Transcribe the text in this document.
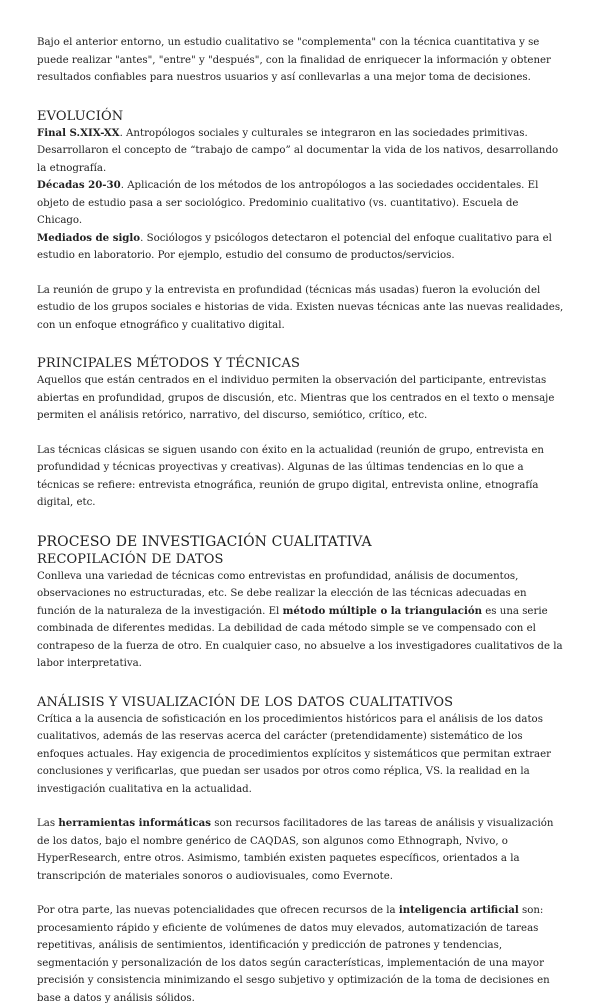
Bajo el anterior entorno, un estudio cualitativo se "complementa" con la técnica cuantitativa y se puede realizar "antes", "entre" y "después", con la finalidad de enriquecer la información y obtener resultados confiables para nuestros usuarios y así conllevarlas a una mejor toma de decisiones.

EVOLUCIÓN

Final S.XIX-XX. Antropólogos sociales y culturales se integraron en las sociedades primitivas. Desarrollaron el concepto de “trabajo de campo” al documentar la vida de los nativos, desarrollando la etnografía.

Décadas 20-30. Aplicación de los métodos de los antropólogos a las sociedades occidentales. El objeto de estudio pasa a ser sociológico. Predominio cualitativo (vs. cuantitativo). Escuela de Chicago.

Mediados de siglo. Sociólogos y psicólogos detectaron el potencial del enfoque cualitativo para el estudio en laboratorio. Por ejemplo, estudio del consumo de productos/servicios.

La reunión de grupo y la entrevista en profundidad (técnicas más usadas) fueron la evolución del estudio de los grupos sociales e historias de vida. Existen nuevas técnicas ante las nuevas realidades, con un enfoque etnográfico y cualitativo digital.

PRINCIPALES MÉTODOS Y TÉCNICAS

Aquellos que están centrados en el individuo permiten la observación del participante, entrevistas abiertas en profundidad, grupos de discusión, etc. Mientras que los centrados en el texto o mensaje permiten el análisis retórico, narrativo, del discurso, semiótico, crítico, etc.

Las técnicas clásicas se siguen usando con éxito en la actualidad (reunión de grupo, entrevista en profundidad y técnicas proyectivas y creativas). Algunas de las últimas tendencias en lo que a técnicas se refiere: entrevista etnográfica, reunión de grupo digital, entrevista online, etnografía digital, etc.

PROCESO DE INVESTIGACIÓN CUALITATIVA
RECOPILACIÓN DE DATOS

Conlleva una variedad de técnicas como entrevistas en profundidad, análisis de documentos, observaciones no estructuradas, etc. Se debe realizar la elección de las técnicas adecuadas en función de la naturaleza de la investigación. El método múltiple o la triangulación es una serie combinada de diferentes medidas. La debilidad de cada método simple se ve compensado con el contrapeso de la fuerza de otro. En cualquier caso, no absuelve a los investigadores cualitativos de la labor interpretativa.

ANÁLISIS Y VISUALIZACIÓN DE LOS DATOS CUALITATIVOS

Crítica a la ausencia de sofisticación en los procedimientos históricos para el análisis de los datos cualitativos, además de las reservas acerca del carácter (pretendidamente) sistemático de los enfoques actuales. Hay exigencia de procedimientos explícitos y sistemáticos que permitan extraer conclusiones y verificarlas, que puedan ser usados por otros como réplica, VS. la realidad en la investigación cualitativa en la actualidad.

Las herramientas informáticas son recursos facilitadores de las tareas de análisis y visualización de los datos, bajo el nombre genérico de CAQDAS, son algunos como Ethnograph, Nvivo, o HyperResearch, entre otros. Asimismo, también existen paquetes específicos, orientados a la transcripción de materiales sonoros o audiovisuales, como Evernote.

Por otra parte, las nuevas potencialidades que ofrecen recursos de la inteligencia artificial son: procesamiento rápido y eficiente de volúmenes de datos muy elevados, automatización de tareas repetitivas, análisis de sentimientos, identificación y predicción de patrones y tendencias, segmentación y personalización de los datos según características, implementación de una mayor precisión y consistencia minimizando el sesgo subjetivo y optimización de la toma de decisiones en base a datos y análisis sólidos.
